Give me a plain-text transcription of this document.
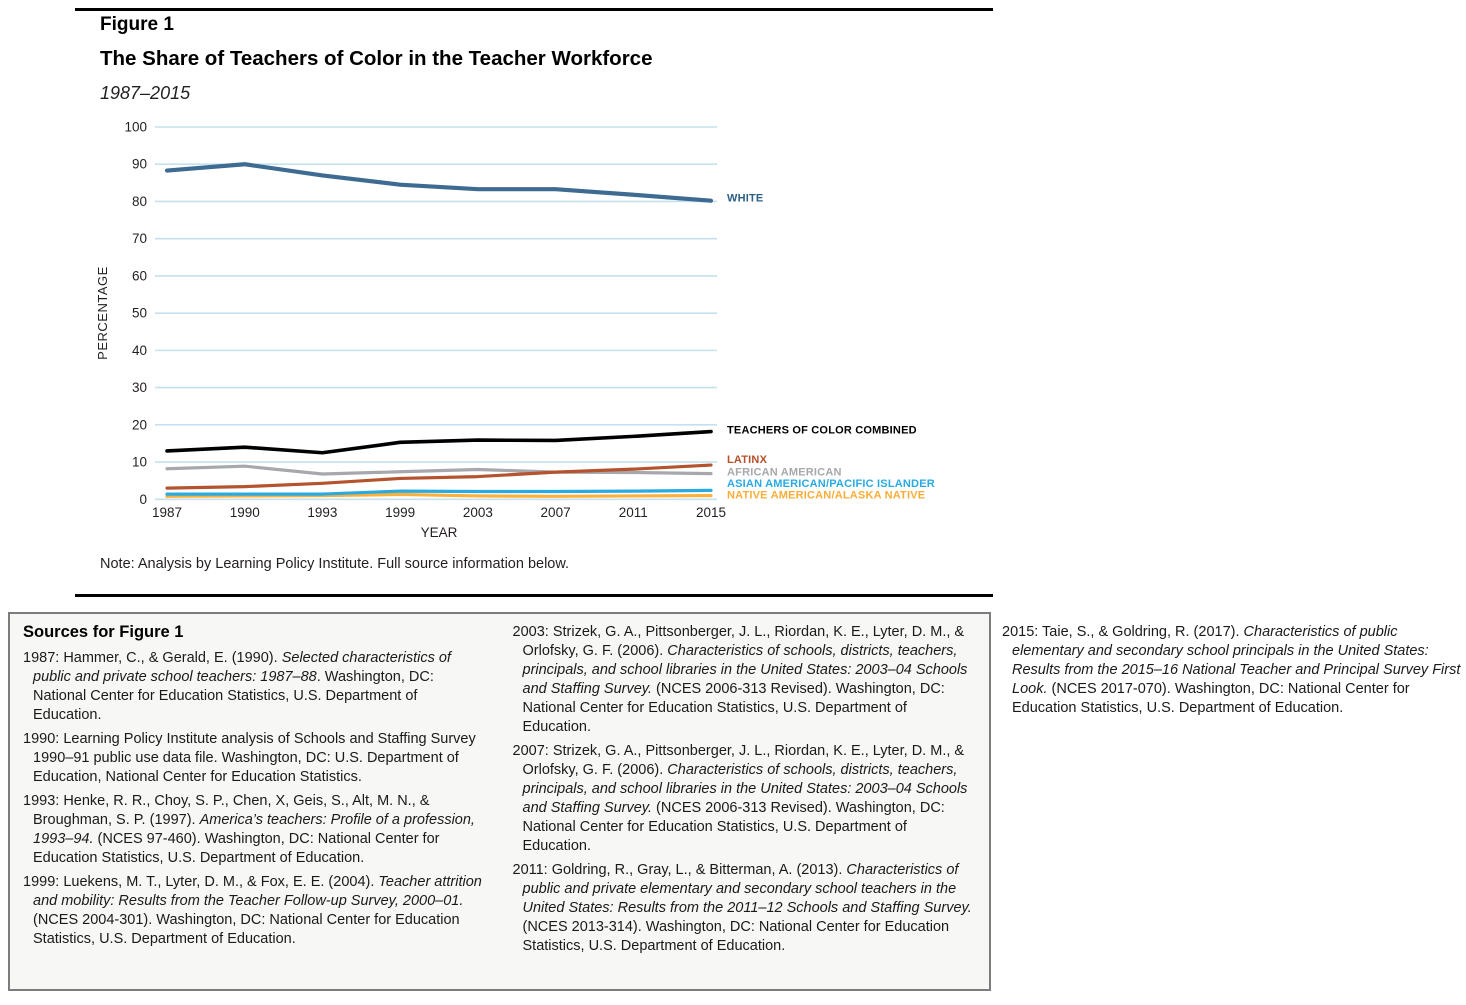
Figure 1
The Share of Teachers of Color in the Teacher Workforce
1987–2015
0
10
20
30
40
50
60
70
80
90
100
1987	1990	1993	1999	2003	2007	2011	2015
YEAR
PERCENTAGE
WHITE
TEACHERS OF COLOR COMBINED
LATINX
AFRICAN AMERICAN
ASIAN AMERICAN/PACIFIC ISLANDER
NATIVE AMERICAN/ALASKA NATIVE
Note: Analysis by Learning Policy Institute. Full source information below.
Sources for Figure 1

1987: Hammer, C., & Gerald, E. (1990). Selected characteristics of public and private school teachers: 1987–88. Washington, DC: National Center for Education Statistics, U.S. Department of Education.

1990: Learning Policy Institute analysis of Schools and Staffing Survey 1990–91 public use data file. Washington, DC: U.S. Department of Education, National Center for Education Statistics.

1993: Henke, R. R., Choy, S. P., Chen, X, Geis, S., Alt, M. N., & Broughman, S. P. (1997). America’s teachers: Profile of a profession, 1993–94. (NCES 97-460). Washington, DC: National Center for Education Statistics, U.S. Department of Education.

1999: Luekens, M. T., Lyter, D. M., & Fox, E. E. (2004). Teacher attrition and mobility: Results from the Teacher Follow-up Survey, 2000–01. (NCES 2004-301). Washington, DC: National Center for Education Statistics, U.S. Department of Education.

2003: Strizek, G. A., Pittsonberger, J. L., Riordan, K. E., Lyter, D. M., & Orlofsky, G. F. (2006). Characteristics of schools, districts, teachers, principals, and school libraries in the United States: 2003–04 Schools and Staffing Survey. (NCES 2006-313 Revised). Washington, DC: National Center for Education Statistics, U.S. Department of Education.

2007: Strizek, G. A., Pittsonberger, J. L., Riordan, K. E., Lyter, D. M., & Orlofsky, G. F. (2006). Characteristics of schools, districts, teachers, principals, and school libraries in the United States: 2003–04 Schools and Staffing Survey. (NCES 2006-313 Revised). Washington, DC: National Center for Education Statistics, U.S. Department of Education.

2011: Goldring, R., Gray, L., & Bitterman, A. (2013). Characteristics of public and private elementary and secondary school teachers in the United States: Results from the 2011–12 Schools and Staffing Survey. (NCES 2013-314). Washington, DC: National Center for Education Statistics, U.S. Department of Education.

2015: Taie, S., & Goldring, R. (2017). Characteristics of public elementary and secondary school principals in the United States: Results from the 2015–16 National Teacher and Principal Survey First Look. (NCES 2017-070). Washington, DC: National Center for Education Statistics, U.S. Department of Education.
